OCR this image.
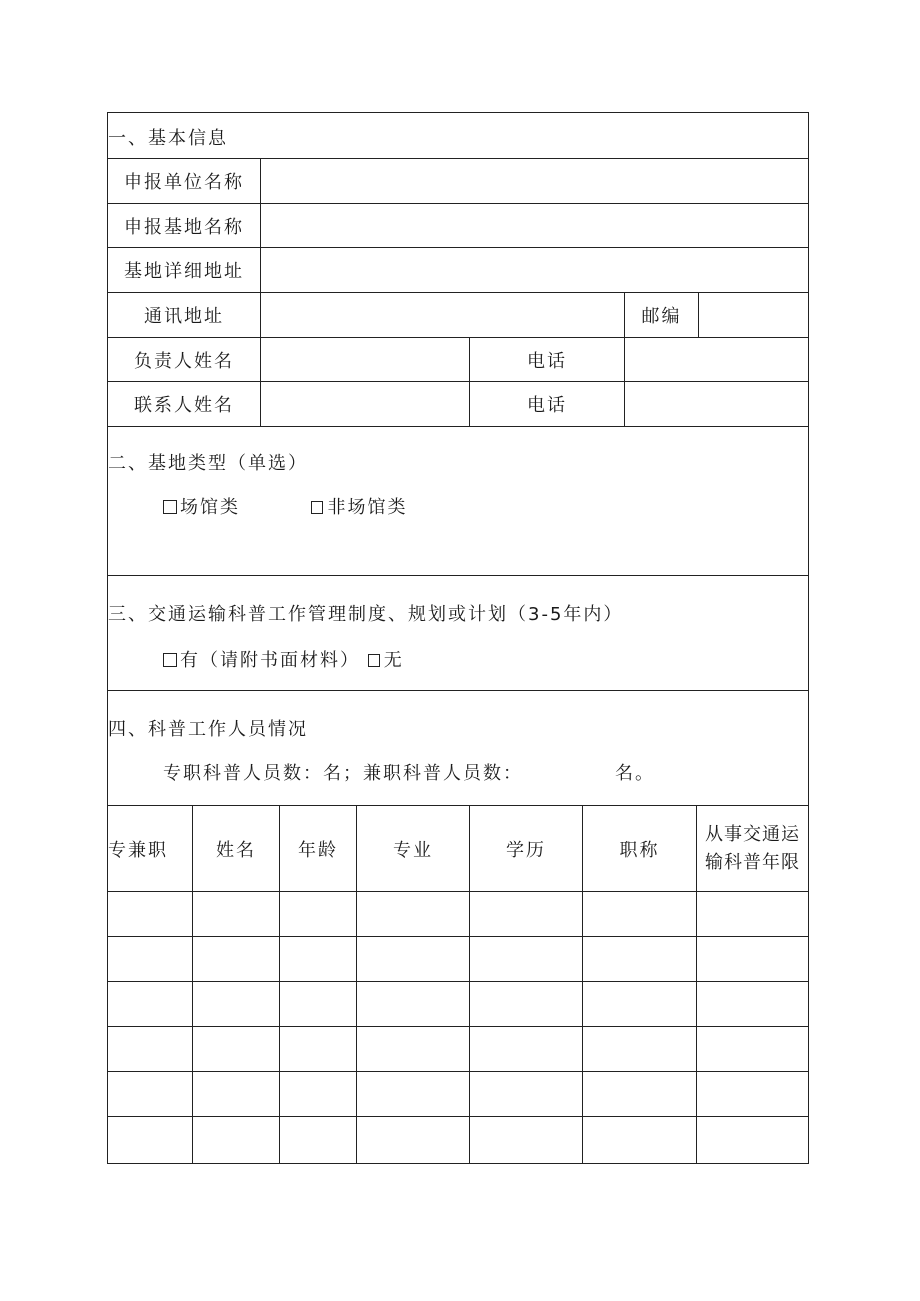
一、基本信息
申报单位名称
申报基地名称
基地详细地址
通讯地址	邮编
负责人姓名	电话
联系人姓名	电话
二、基地类型（单选）
场馆类	非场馆类
三、交通运输科普工作管理制度、规划或计划（3-5年内）
有（请附书面材料） 无
四、科普工作人员情况
专职科普人员数：名；兼职科普人员数：	名。
专兼职	姓名	年龄	专业	学历	职称
从事交通运
输科普年限
